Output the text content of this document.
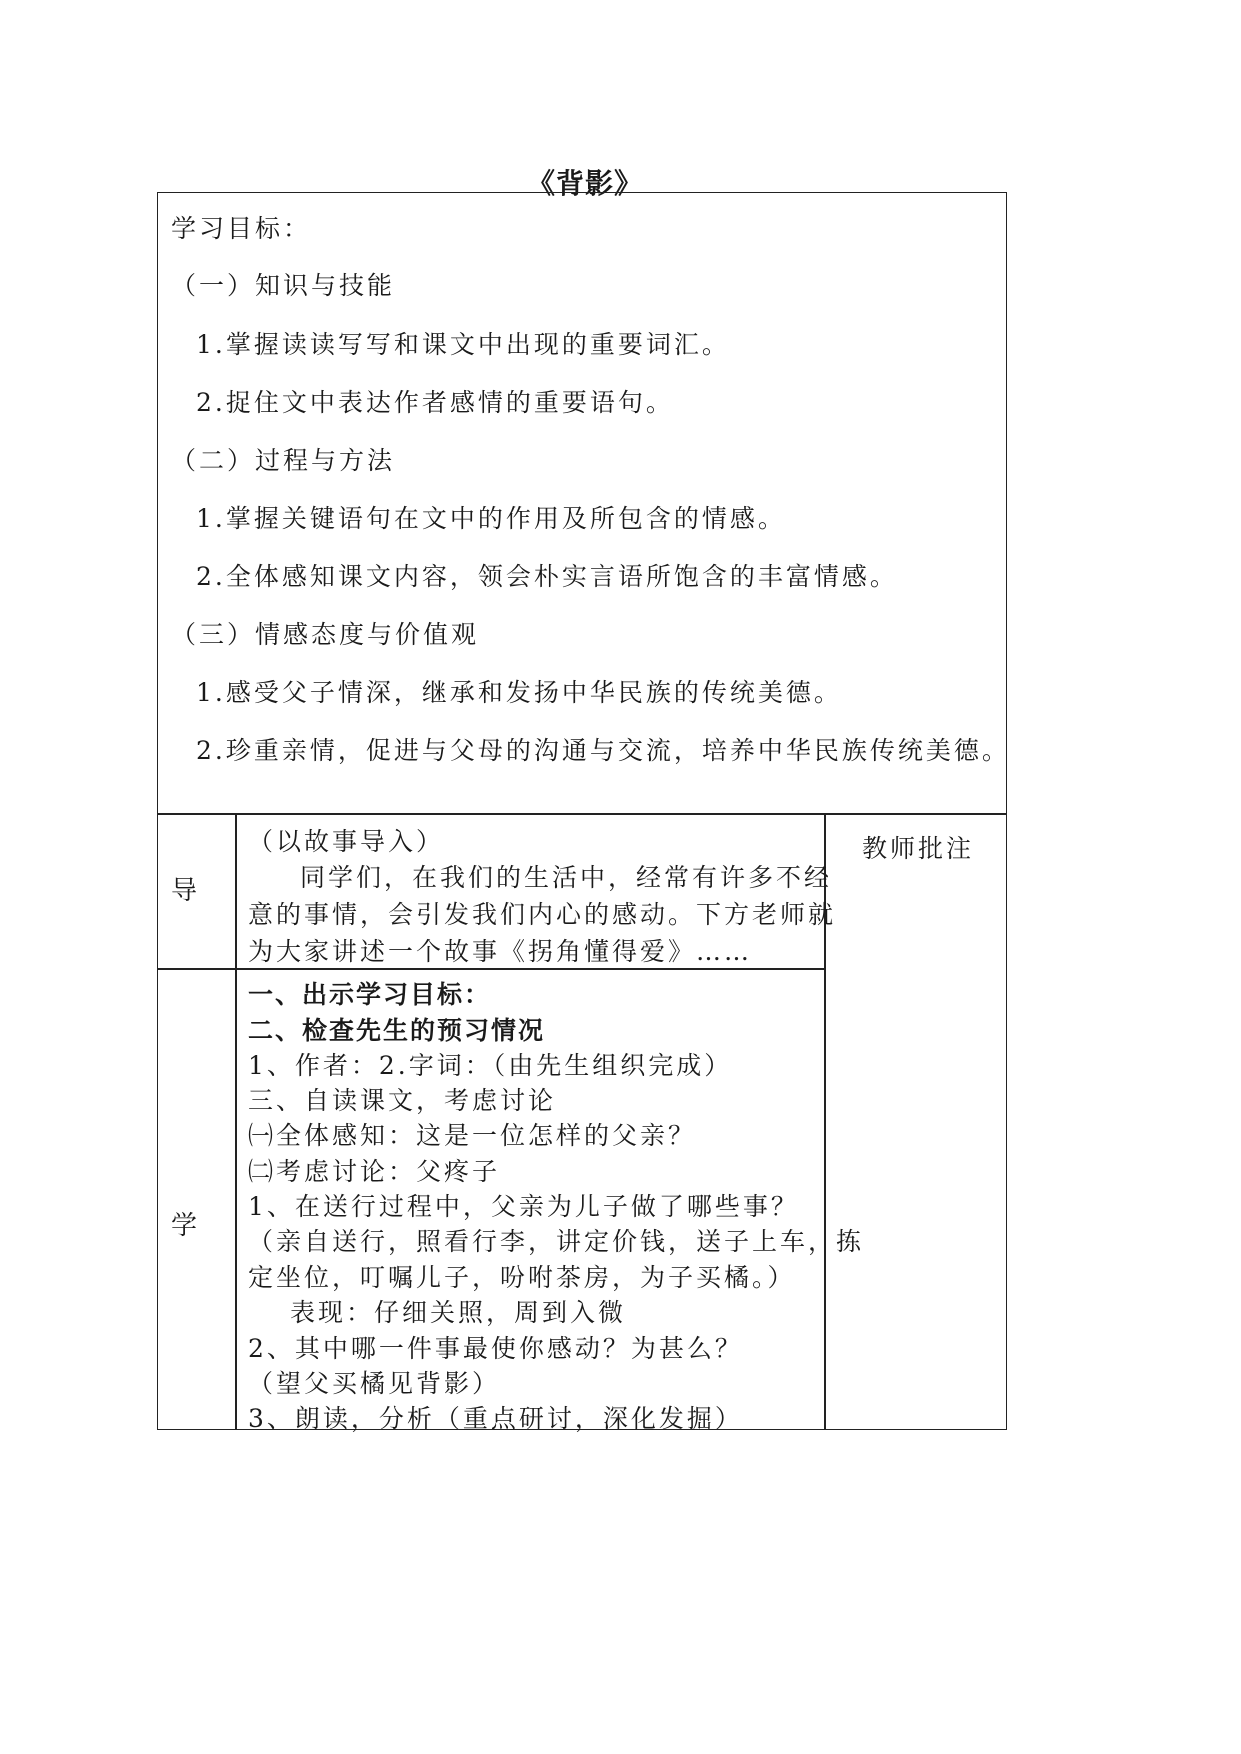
《背影》
学习目标：
（一）知识与技能
1.掌握读读写写和课文中出现的重要词汇。
2.捉住文中表达作者感情的重要语句。
（二）过程与方法
1.掌握关键语句在文中的作用及所包含的情感。
2.全体感知课文内容，领会朴实言语所饱含的丰富情感。
（三）情感态度与价值观
1.感受父子情深，继承和发扬中华民族的传统美德。
2.珍重亲情，促进与父母的沟通与交流，培养中华民族传统美德。
导
（以故事导入）
同学们，在我们的生活中，经常有许多不经
意的事情，会引发我们内心的感动。下方老师就
为大家讲述一个故事《拐角懂得爱》……
教师批注
学
一、出示学习目标：
二、检查先生的预习情况
1、作者：2.字词：（由先生组织完成）
三、自读课文，考虑讨论
㈠全体感知：这是一位怎样的父亲？
㈡考虑讨论：父疼子
1、在送行过程中，父亲为儿子做了哪些事？
（亲自送行，照看行李，讲定价钱，送子上车，拣
定坐位，叮嘱儿子，吩咐茶房，为子买橘。）
表现：仔细关照，周到入微
2、其中哪一件事最使你感动？为甚么？
（望父买橘见背影）
3、朗读，分析（重点研讨，深化发掘）
